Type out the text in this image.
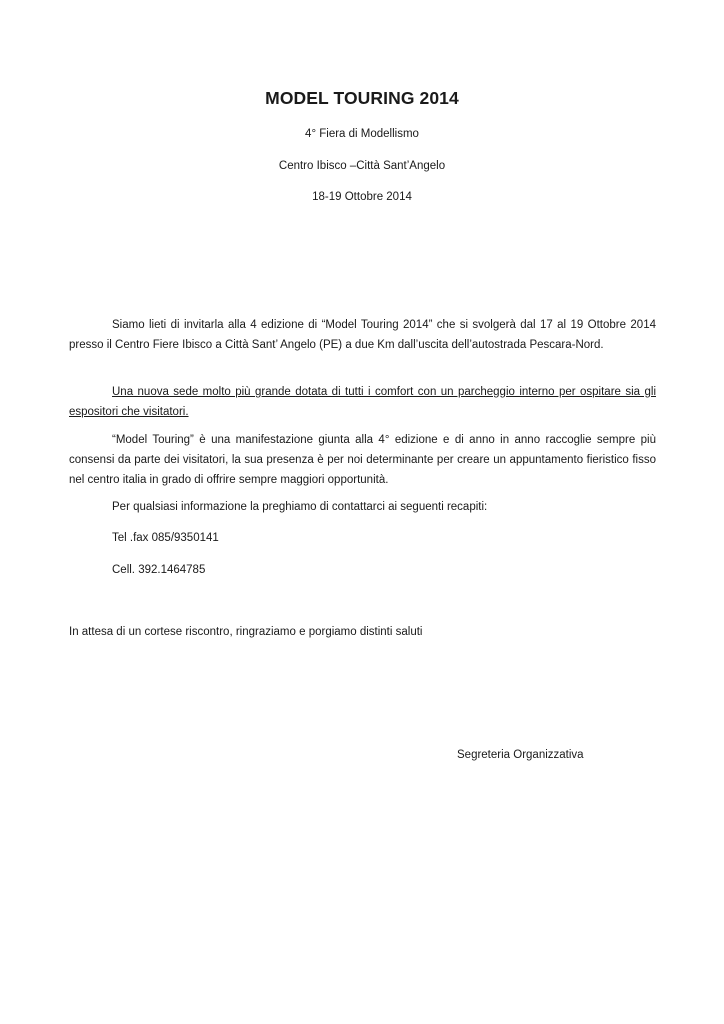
MODEL TOURING 2014
4° Fiera di Modellismo
Centro Ibisco –Città Sant’Angelo
18-19 Ottobre 2014

Siamo lieti di invitarla alla 4 edizione di “Model Touring 2014” che si svolgerà dal 17 al 19 Ottobre 2014 presso il Centro Fiere Ibisco a Città Sant’ Angelo (PE) a due Km dall’uscita dell’autostrada Pescara-Nord.

Una nuova sede molto più grande dotata di tutti i comfort con un parcheggio interno per ospitare sia gli espositori che visitatori.

“Model Touring” è una manifestazione giunta alla 4° edizione e di anno in anno raccoglie sempre più consensi da parte dei visitatori, la sua presenza è per noi determinante per creare un appuntamento fieristico fisso nel centro italia in grado di offrire sempre maggiori opportunità.

Per qualsiasi informazione la preghiamo di contattarci ai seguenti recapiti:
Tel .fax 085/9350141
Cell. 392.1464785
In attesa di un cortese riscontro, ringraziamo e porgiamo distinti saluti
Segreteria Organizzativa
